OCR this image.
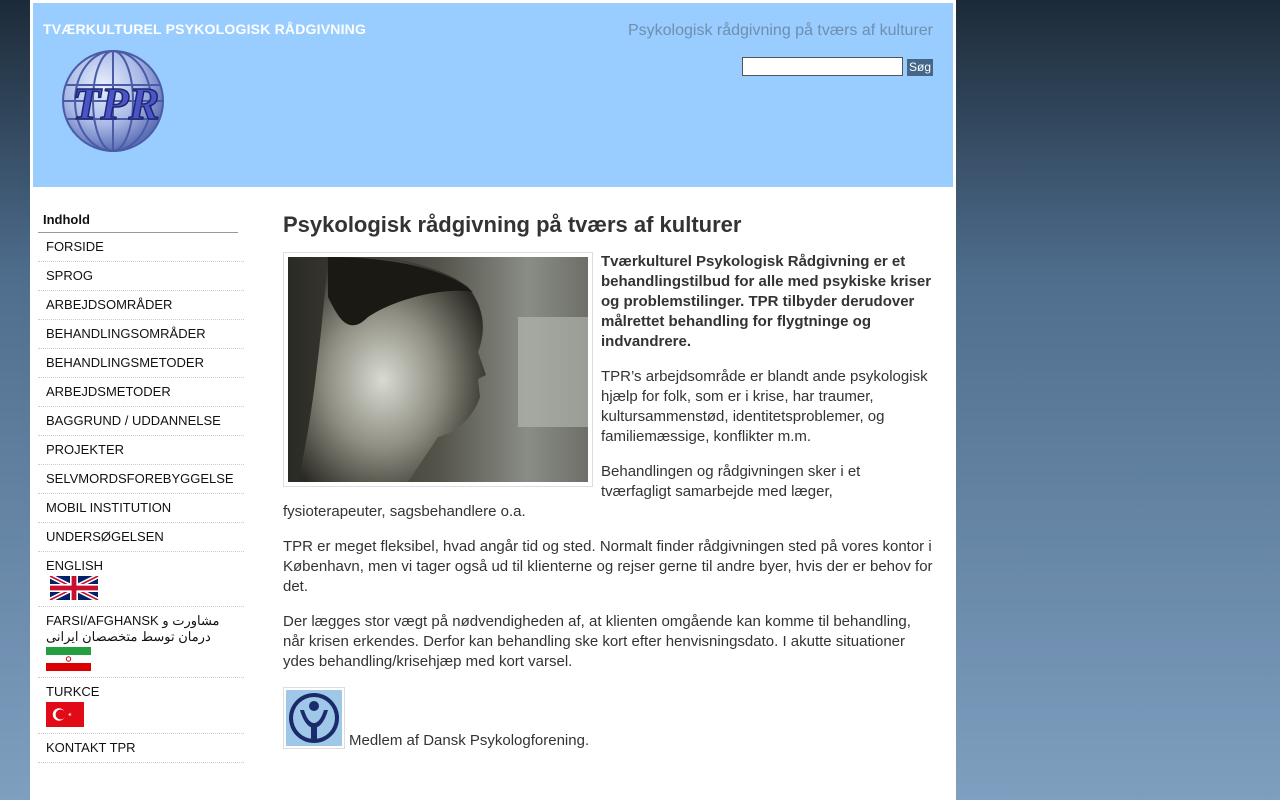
TVÆRKULTUREL PSYKOLOGISK RÅDGIVNING	Psykologisk rådgivning på tværs af kulturer
TPR
Søg
Indhold
FORSIDE
SPROG
ARBEJDSOMRÅDER
BEHANDLINGSOMRÅDER
BEHANDLINGSMETODER
ARBEJDSMETODER
BAGGRUND / UDDANNELSE
PROJEKTER
SELVMORDSFOREBYGGELSE
MOBIL INSTITUTION
UNDERSØGELSEN
ENGLISH
FARSI/AFGHANSK مشاورت و درمان توسط متخصصان ایرانی
TURKCE
KONTAKT TPR
Psykologisk rådgivning på tværs af kulturer

Tværkulturel Psykologisk Rådgivning er et behandlingstilbud for alle med psykiske kriser og problemstilinger. TPR tilbyder derudover målrettet behandling for flygtninge og indvandrere.

TPR’s arbejdsområde er blandt ande psykologisk hjælp for folk, som er i krise, har traumer, kultursammenstød, identitetsproblemer, og familiemæssige, konflikter m.m.

Behandlingen og rådgivningen sker i et tværfagligt samarbejde med læger, fysioterapeuter, sagsbehandlere o.a.

TPR er meget fleksibel, hvad angår tid og sted. Normalt finder rådgivningen sted på vores kontor i København, men vi tager også ud til klienterne og rejser gerne til andre byer, hvis der er behov for det.

Der lægges stor vægt på nødvendigheden af, at klienten omgående kan komme til behandling, når krisen erkendes. Derfor kan behandling ske kort efter henvisningsdato. I akutte situationer ydes behandling/krisehjæp med kort varsel.

Medlem af Dansk Psykologforening.
